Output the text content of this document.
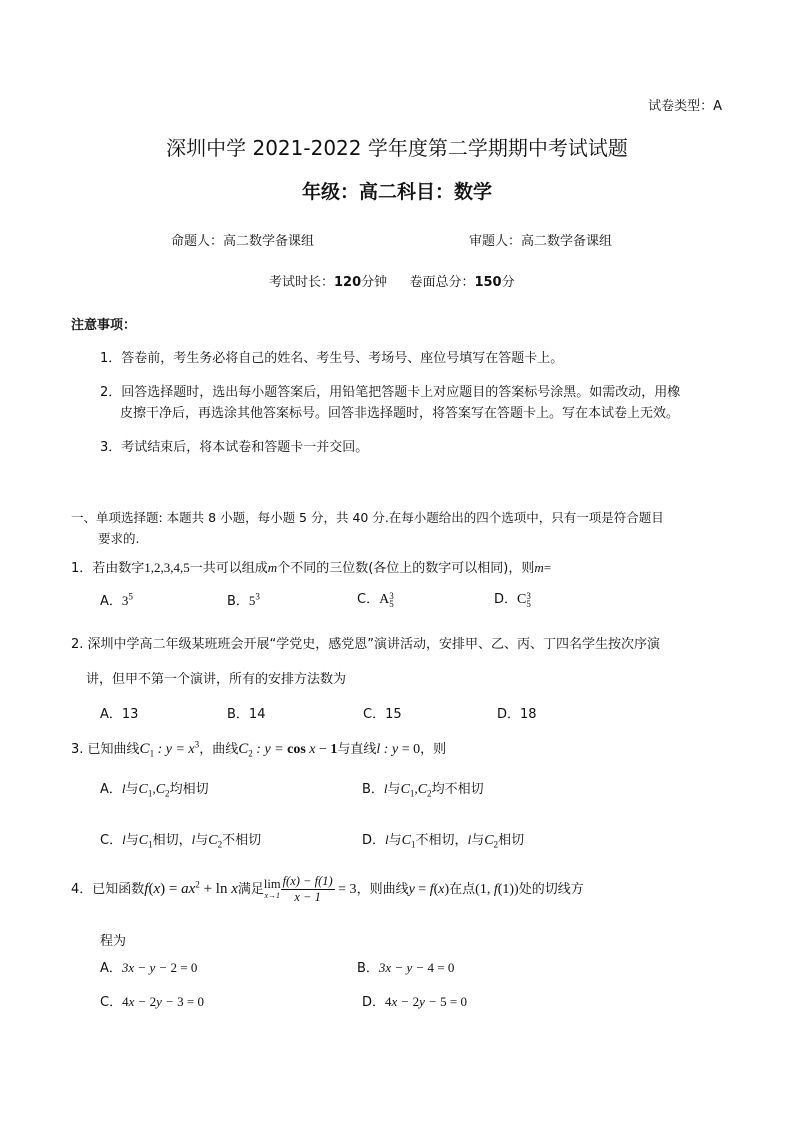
试卷类型：A
深圳中学 2021-2022 学年度第二学期期中考试试题
年级：高二科目：数学
命题人：高二数学备课组	审题人：高二数学备课组
考试时长：120分钟 卷面总分：150分
注意事项：
1．答卷前，考生务必将自己的姓名、考生号、考场号、座位号填写在答题卡上。
2．回答选择题时，选出每小题答案后，用铅笔把答题卡上对应题目的答案标号涂黑。如需改动，用橡
皮擦干净后，再选涂其他答案标号。回答非选择题时，将答案写在答题卡上。写在本试卷上无效。
3．考试结束后，将本试卷和答题卡一并交回。
一、单项选择题: 本题共 8 小题，每小题 5 分，共 40 分.在每小题给出的四个选项中，只有一项是符合题目
要求的.
1．若由数字1,2,3,4,5一共可以组成m个不同的三位数(各位上的数字可以相同)，则m=
A．$3^5$	B．$5^3$	C．A 3
5	D．C 3
5
2. 深圳中学高二年级某班班会开展“学党史，感党恩”演讲活动，安排甲、乙、丙、丁四名学生按次序演
讲，但甲不第一个演讲，所有的安排方法数为
A．13	B．14	C．15	D．18
3. 已知曲线$C_1$ : $y = x^3$，曲线$C_2$ : y = cos x − 1与直线l : y = 0，则
A．l与$C_1,C_2$均相切	B．l与$C_1,C_2$均不相切
C．l与$C_1$相切，l与$C_2$不相切	D．l与$C_1$不相切，l与$C_2$相切
4．已知函数$f(x) = ax^2 + \ln x$满足 lim
$x\to 1 \frac{f(x) - f(1)}{x - 1} = 3$，则曲线y = f(x)在点(1, f(1))处的切线方
程为
A．3x − y − 2 = 0	B．3x − y − 4 = 0
C．4x − 2y − 3 = 0	D．4x − 2y − 5 = 0
